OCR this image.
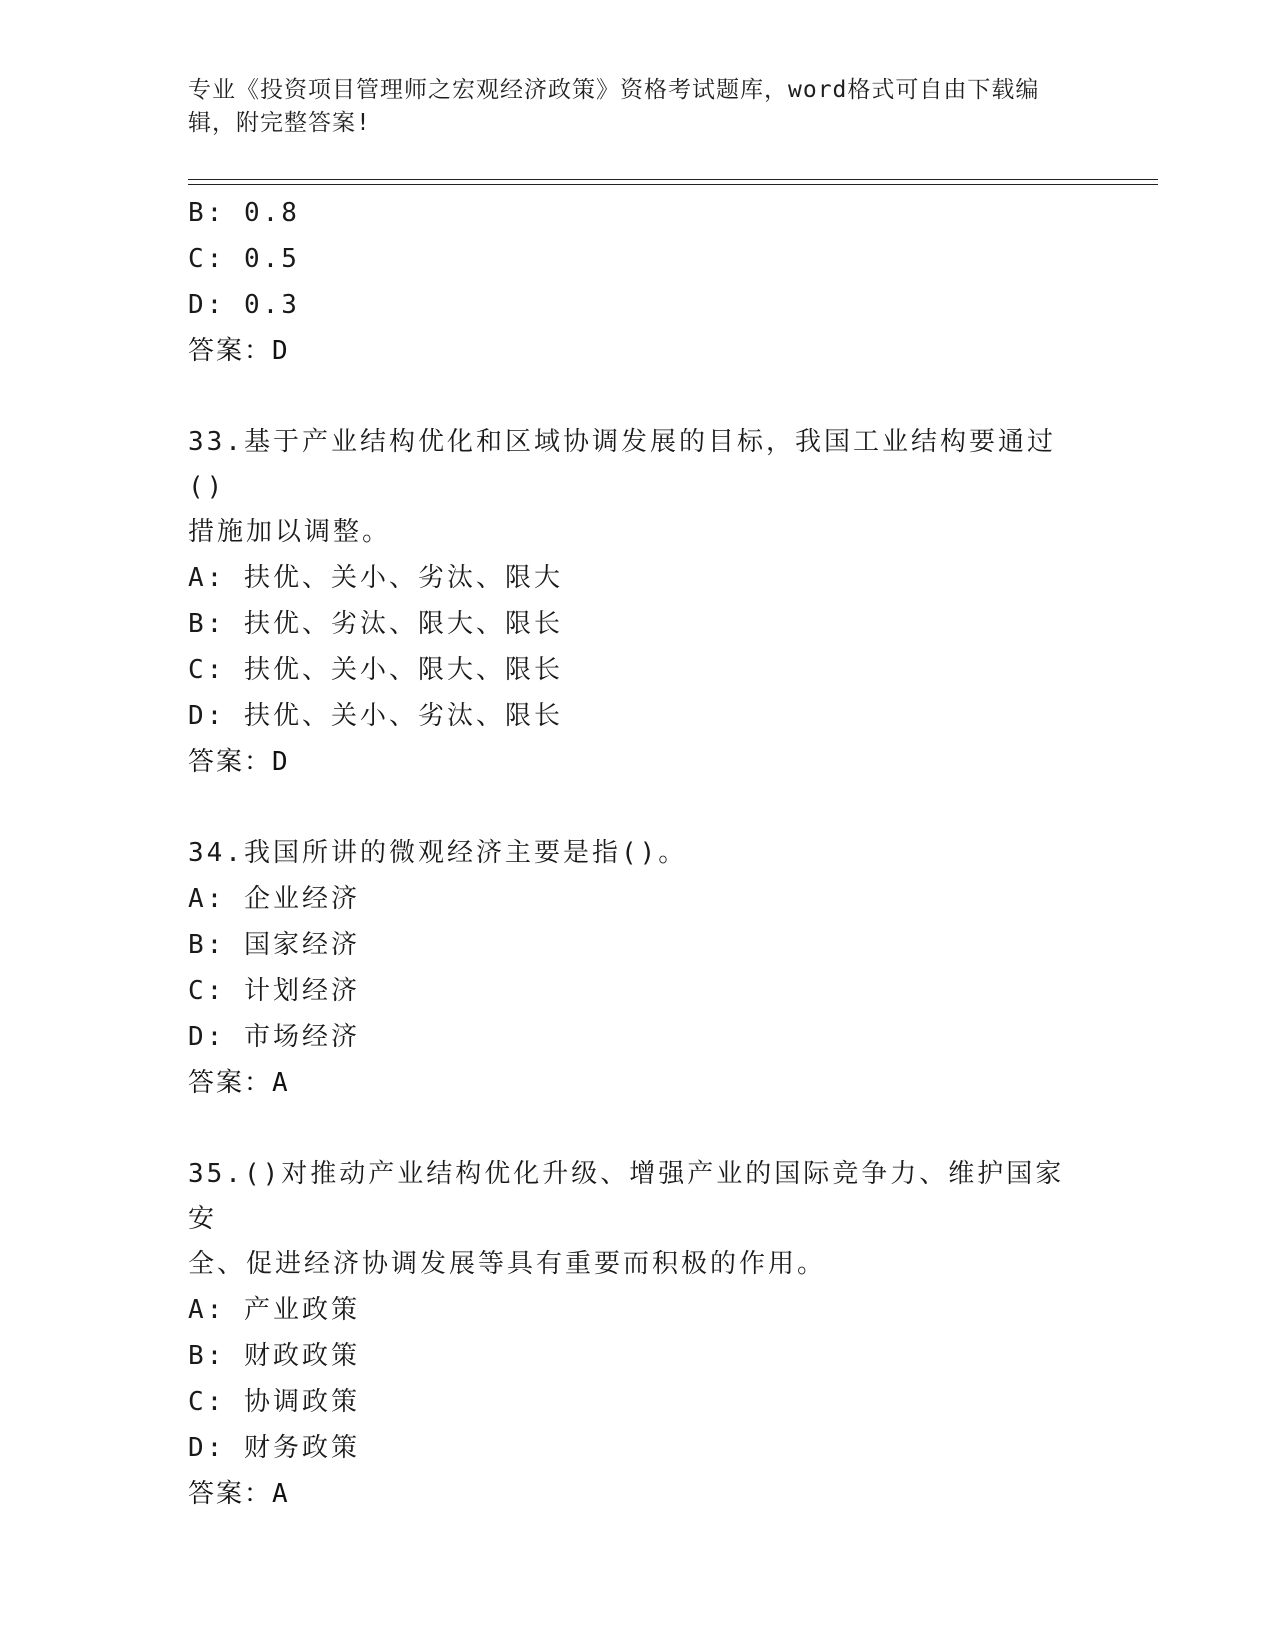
专业《投资项目管理师之宏观经济政策》资格考试题库，word格式可自由下载编辑，附完整答案!
B: 0.8
C: 0.5
D: 0.3
答案：D
33.基于产业结构优化和区域协调发展的目标，我国工业结构要通过()
措施加以调整。
A: 扶优、关小、劣汰、限大
B: 扶优、劣汰、限大、限长
C: 扶优、关小、限大、限长
D: 扶优、关小、劣汰、限长
答案：D
34.我国所讲的微观经济主要是指()。
A: 企业经济
B: 国家经济
C: 计划经济
D: 市场经济
答案：A
35.()对推动产业结构优化升级、增强产业的国际竞争力、维护国家安
全、促进经济协调发展等具有重要而积极的作用。
A: 产业政策
B: 财政政策
C: 协调政策
D: 财务政策
答案：A
